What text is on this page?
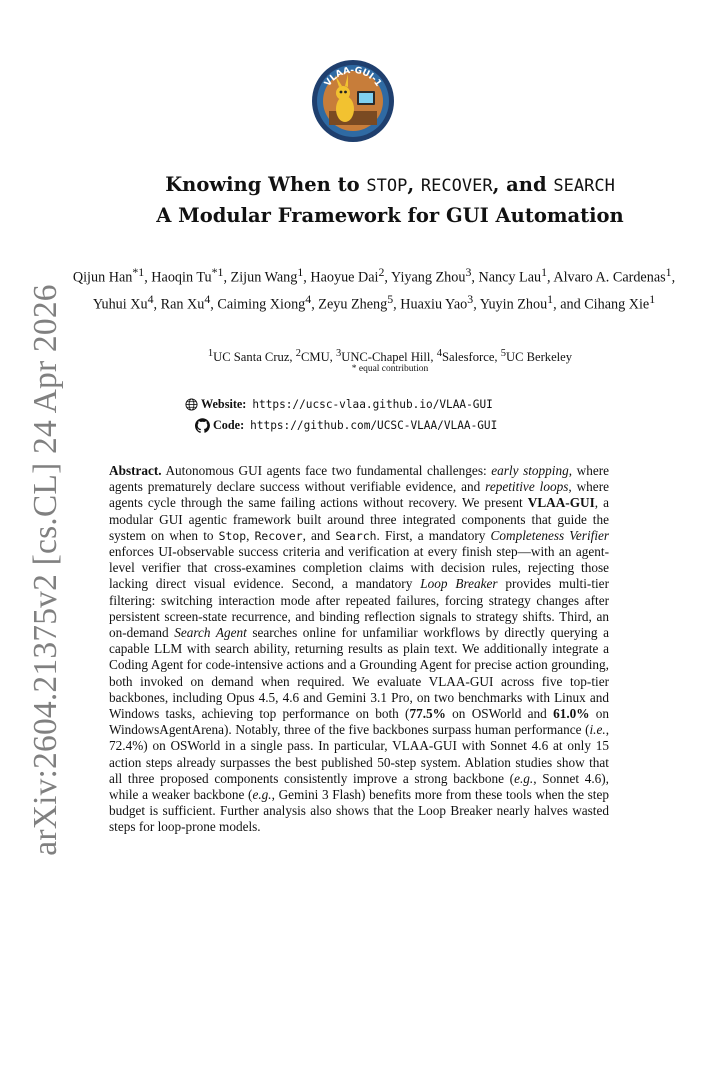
arXiv:2604.21375v2 [cs.CL] 24 Apr 2026
VLAA-GUI-1
Knowing When to STOP, RECOVER, and SEARCH
A Modular Framework for GUI Automation
Qijun Han$^{*1}$, Haoqin Tu$^{*1}$, Zijun Wang$^1$, Haoyue Dai$^2$, Yiyang Zhou$^3$, Nancy Lau$^1$, Alvaro A. Cardenas$^1$, Yuhui Xu$^4$, Ran Xu$^4$, Caiming Xiong$^4$, Zeyu Zheng$^5$, Huaxiu Yao$^3$, Yuyin Zhou$^1$, and Cihang Xie$^1$
$^1$UC Santa Cruz, $^2$CMU, $^3$UNC-Chapel Hill, $^4$Salesforce, $^5$UC Berkeley
* equal contribution
Website: https://ucsc-vlaa.github.io/VLAA-GUI
Code: https://github.com/UCSC-VLAA/VLAA-GUI
Abstract. Autonomous GUI agents face two fundamental challenges: early stopping, where agents prematurely declare success without verifiable evidence, and repetitive loops, where agents cycle through the same failing actions without recovery. We present VLAA-GUI, a modular GUI agentic framework built around three integrated components that guide the system on when to Stop, Recover, and Search. First, a mandatory Completeness Verifier enforces UI-observable success criteria and verification at every finish step—with an agent-level verifier that cross-examines completion claims with decision rules, rejecting those lacking direct visual evidence. Second, a mandatory Loop Breaker provides multi-tier filtering: switching interaction mode after repeated failures, forcing strategy changes after persistent screen-state recurrence, and binding reflection signals to strategy shifts. Third, an on-demand Search Agent searches online for unfamiliar workflows by directly querying a capable LLM with search ability, returning results as plain text. We additionally integrate a Coding Agent for code-intensive actions and a Grounding Agent for precise action grounding, both invoked on demand when required. We evaluate VLAA-GUI across five top-tier backbones, including Opus 4.5, 4.6 and Gemini 3.1 Pro, on two benchmarks with Linux and Windows tasks, achieving top performance on both (77.5% on OSWorld and 61.0% on WindowsAgentArena). Notably, three of the five backbones surpass human performance (i.e., 72.4%) on OSWorld in a single pass. In particular, VLAA-GUI with Sonnet 4.6 at only 15 action steps already surpasses the best published 50-step system. Ablation studies show that all three proposed components consistently improve a strong backbone (e.g., Sonnet 4.6), while a weaker backbone (e.g., Gemini 3 Flash) benefits more from these tools when the step budget is sufficient. Further analysis also shows that the Loop Breaker nearly halves wasted steps for loop-prone models.
